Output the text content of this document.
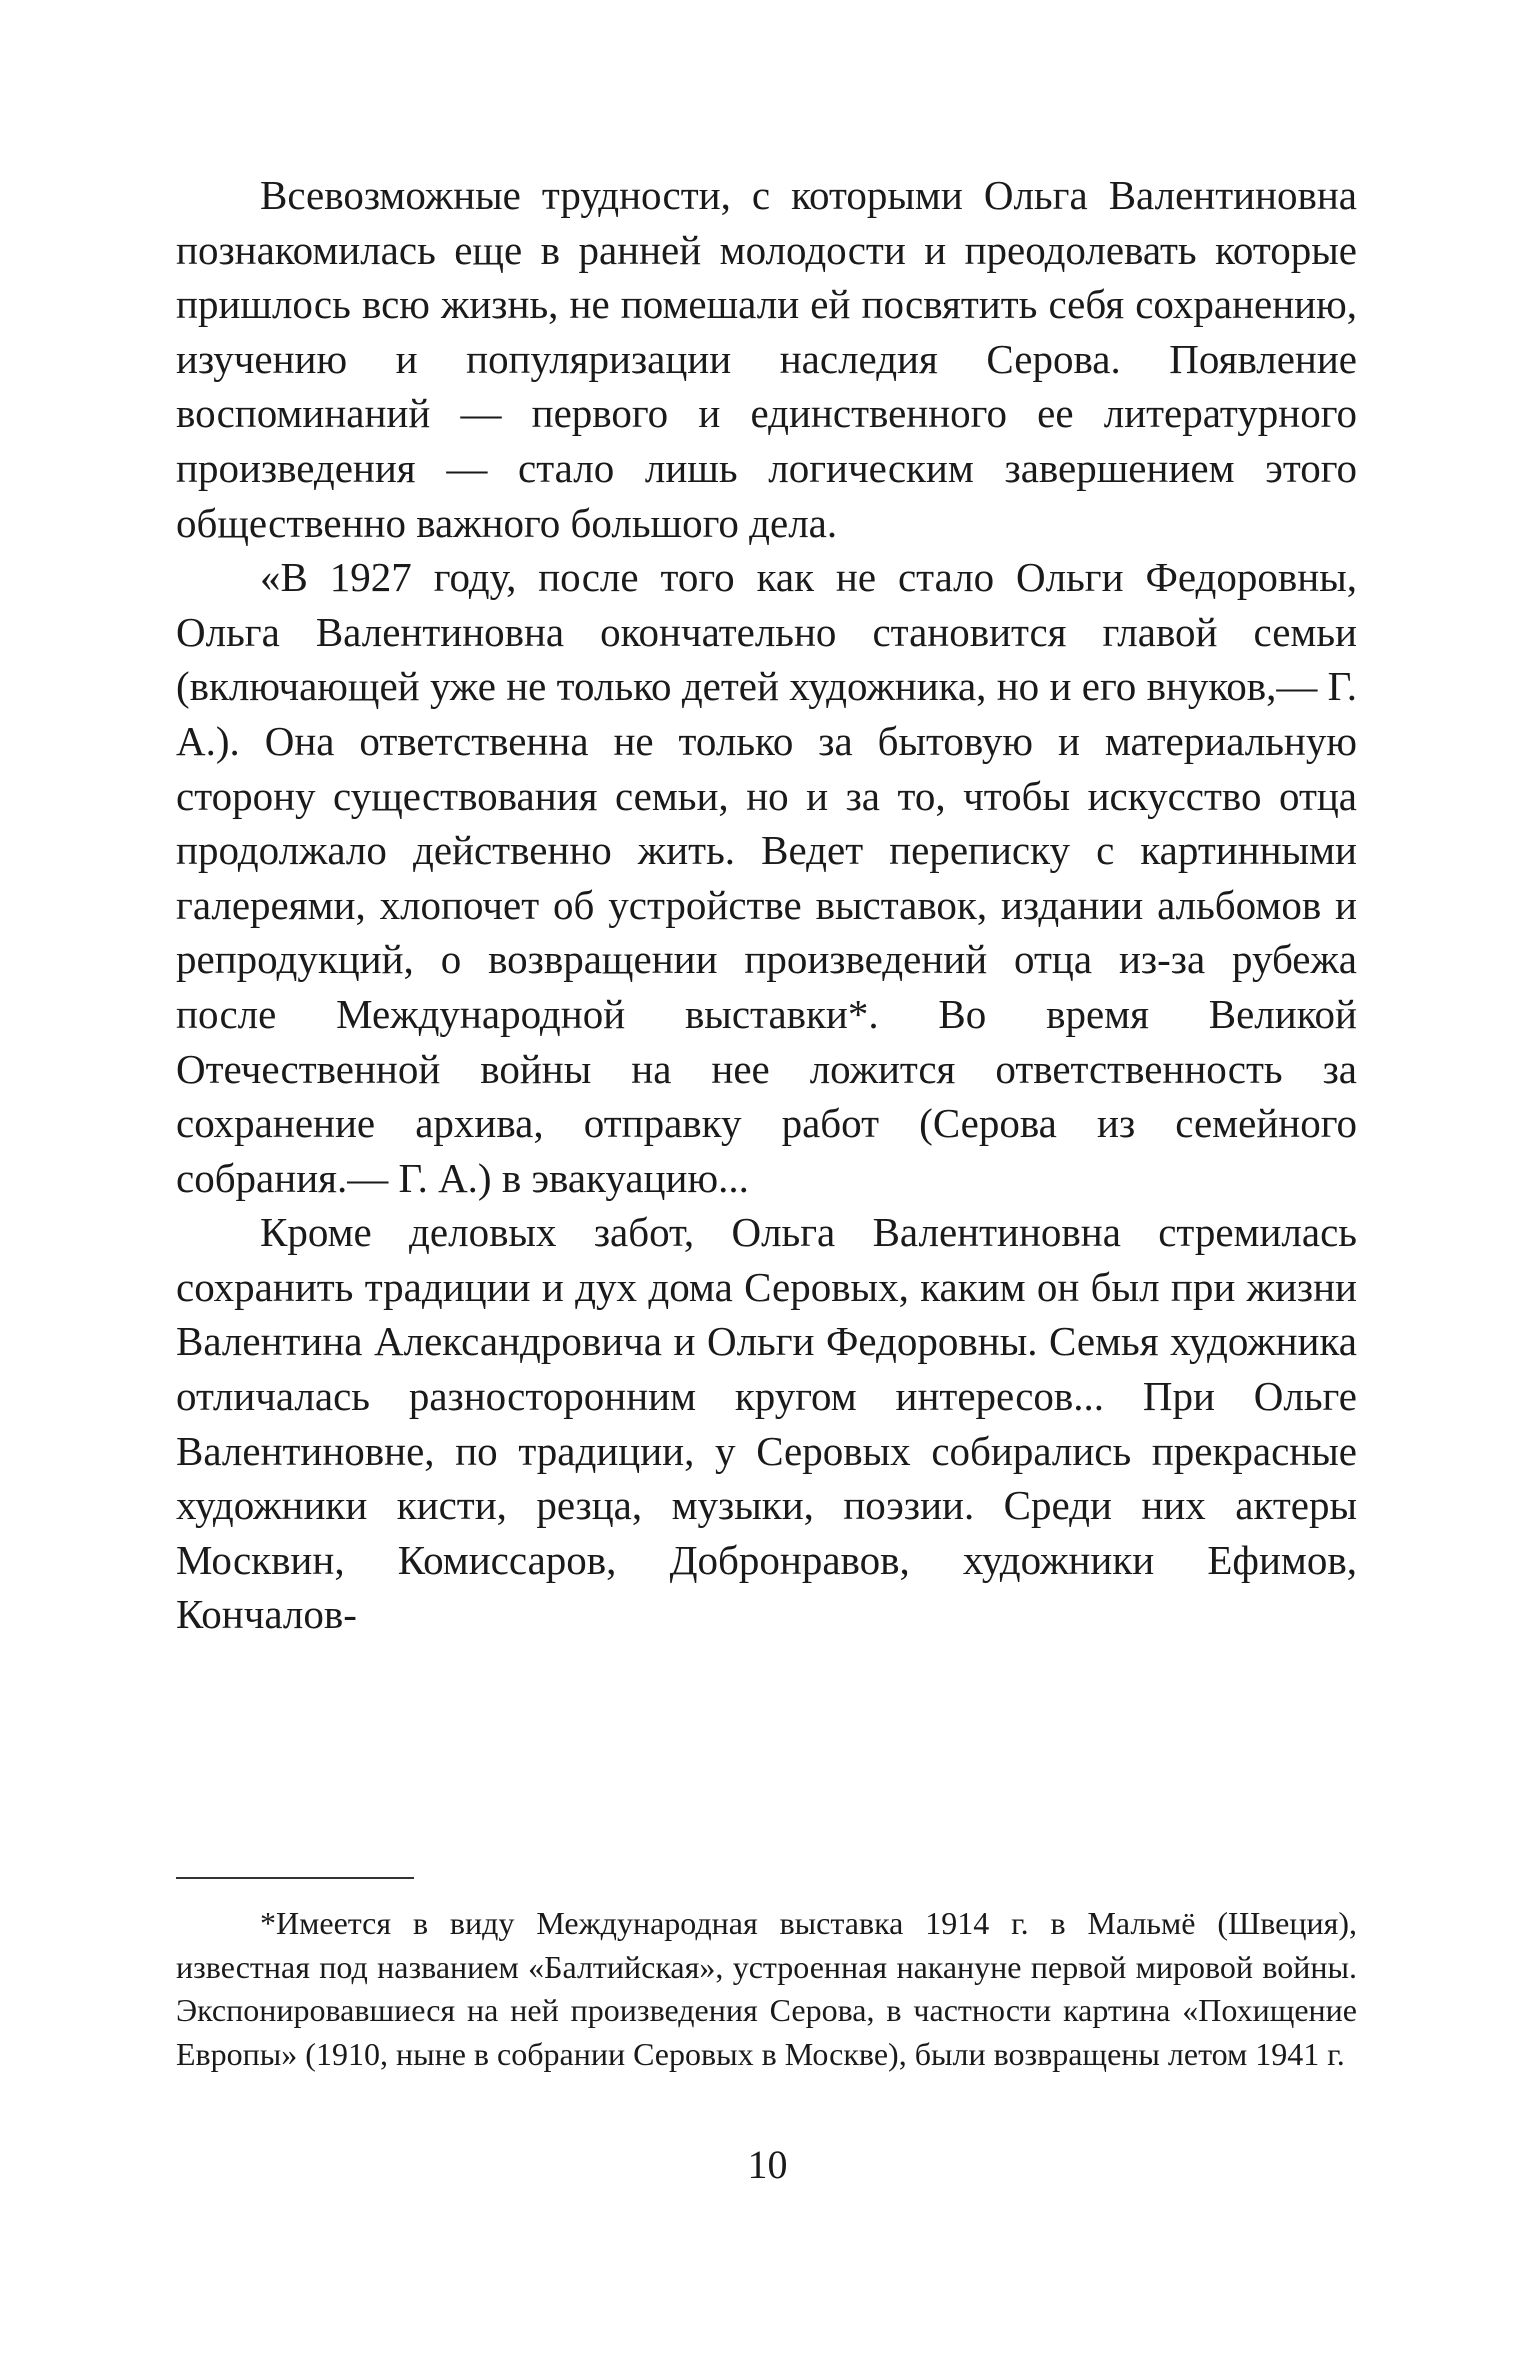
Всевозможные трудности, с которыми Ольга Валентиновна познакомилась еще в ранней молодости и преодолевать которые пришлось всю жизнь, не помешали ей посвятить себя сохранению, изучению и популяризации наследия Серова. Появление воспоминаний — первого и единственного ее литературного произведения — стало лишь логическим завершением этого общественно важного большого дела.

«В 1927 году, после того как не стало Ольги Федоровны, Ольга Валентиновна окончательно становится главой семьи (включающей уже не только детей художника, но и его внуков,— Г. А.). Она ответственна не только за бытовую и материальную сторону существования семьи, но и за то, чтобы искусство отца продолжало действенно жить. Ведет переписку с картинными галереями, хлопочет об устройстве выставок, издании альбомов и репродукций, о возвращении произведений отца из-за рубежа после Международной выставки*. Во время Великой Отечественной войны на нее ложится ответственность за сохранение архива, отправку работ (Серова из семейного собрания.— Г. А.) в эвакуацию...

Кроме деловых забот, Ольга Валентиновна стремилась сохранить традиции и дух дома Серовых, каким он был при жизни Валентина Александровича и Ольги Федоровны. Семья художника отличалась разносторонним кругом интересов... При Ольге Валентиновне, по традиции, у Серовых собирались прекрасные художники кисти, резца, музыки, поэзии. Среди них актеры Москвин, Комиссаров, Добронравов, художники Ефимов, Кончалов-

*Имеется в виду Международная выставка 1914 г. в Мальмё (Швеция), известная под названием «Балтийская», устроенная накануне первой мировой войны. Экспонировавшиеся на ней произведения Серова, в частности картина «Похищение Европы» (1910, ныне в собрании Серовых в Москве), были возвращены летом 1941 г.

10
